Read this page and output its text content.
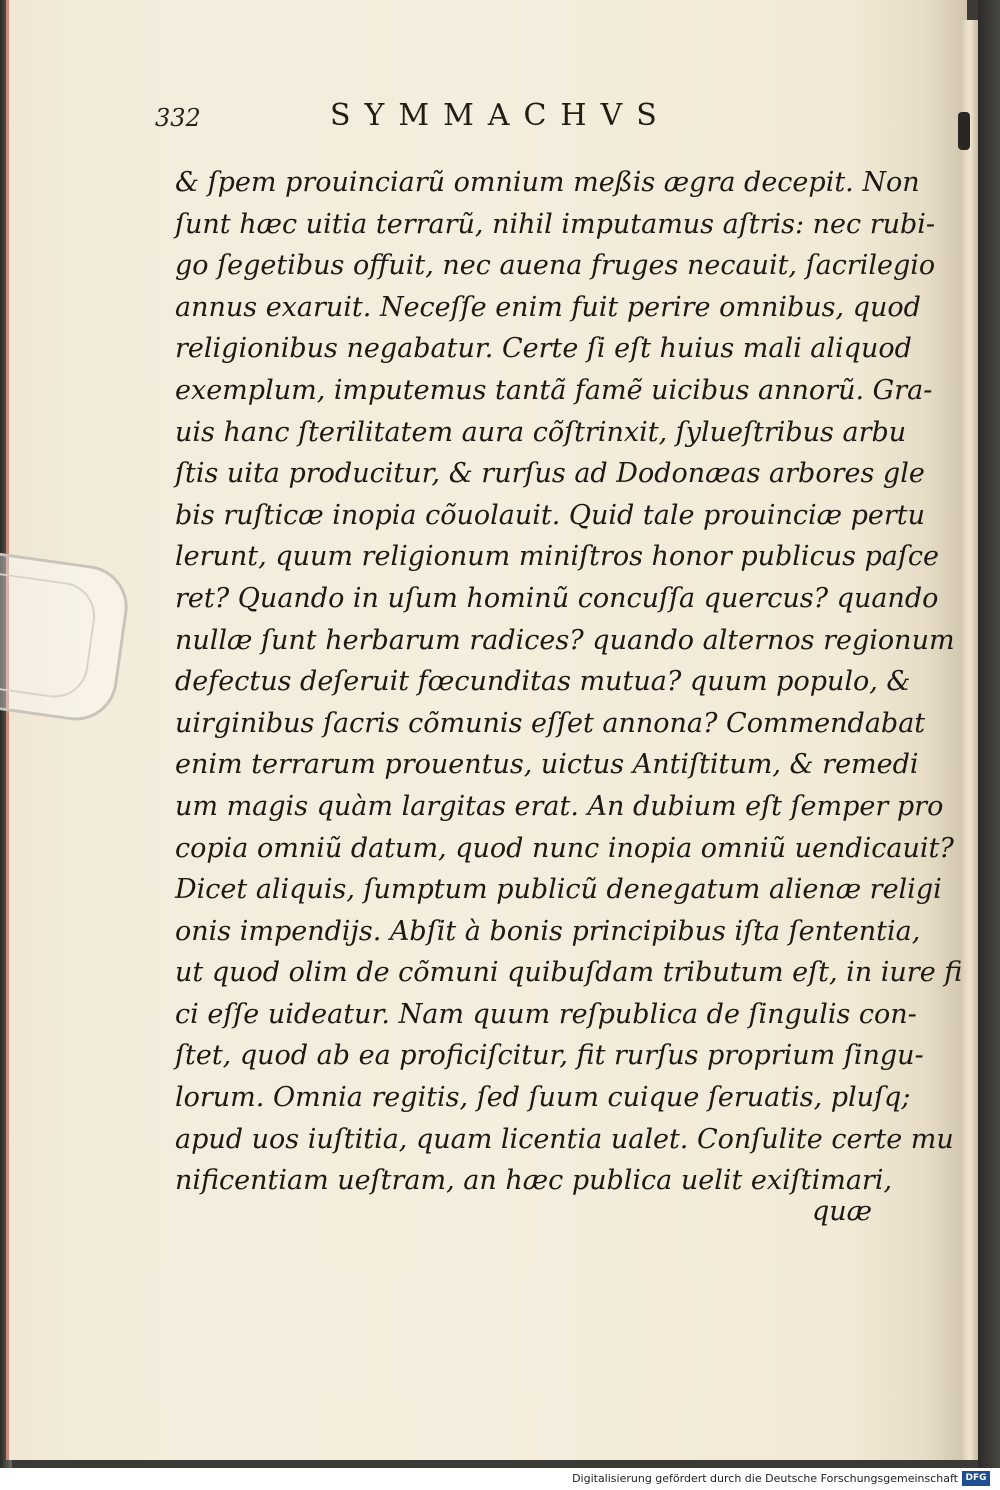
332	SYMMACHVS
& ſpem prouinciarũ omnium meßis ægra decepit. Non
ſunt hæc uitia terrarũ, nihil imputamus aſtris: nec rubi-
go ſegetibus offuit, nec auena fruges necauit, ſacrilegio
annus exaruit. Neceſſe enim fuit perire omnibus, quod
religionibus negabatur. Certe ſi eſt huius mali aliquod
exemplum, imputemus tantã famẽ uicibus annorũ. Gra-
uis hanc ſterilitatem aura cõſtrinxit, ſylueſtribus arbu
ſtis uita producitur, & rurſus ad Dodonæas arbores gle
bis ruſticæ inopia cõuolauit. Quid tale prouinciæ pertu
lerunt, quum religionum miniſtros honor publicus paſce
ret? Quando in uſum hominũ concuſſa quercus? quando
nullæ ſunt herbarum radices? quando alternos regionum
defectus deſeruit fœcunditas mutua? quum populo, &
uirginibus ſacris cõmunis eſſet annona? Commendabat
enim terrarum prouentus, uictus Antiſtitum, & remedi
um magis quàm largitas erat. An dubium eſt ſemper pro
copia omniũ datum, quod nunc inopia omniũ uendicauit?
Dicet aliquis, ſumptum publicũ denegatum alienæ religi
onis impendijs. Abſit à bonis principibus iſta ſententia,
ut quod olim de cõmuni quibuſdam tributum eſt, in iure fi
ci eſſe uideatur. Nam quum reſpublica de ſingulis con-
ſtet, quod ab ea proficiſcitur, fit rurſus proprium ſingu-
lorum. Omnia regitis, ſed ſuum cuique ſeruatis, pluſq;
apud uos iuſtitia, quam licentia ualet. Conſulite certe mu
nificentiam ueſtram, an hæc publica uelit exiſtimari,
quæ
Digitalisierung gefördert durch die Deutsche Forschungsgemeinschaft DFG
